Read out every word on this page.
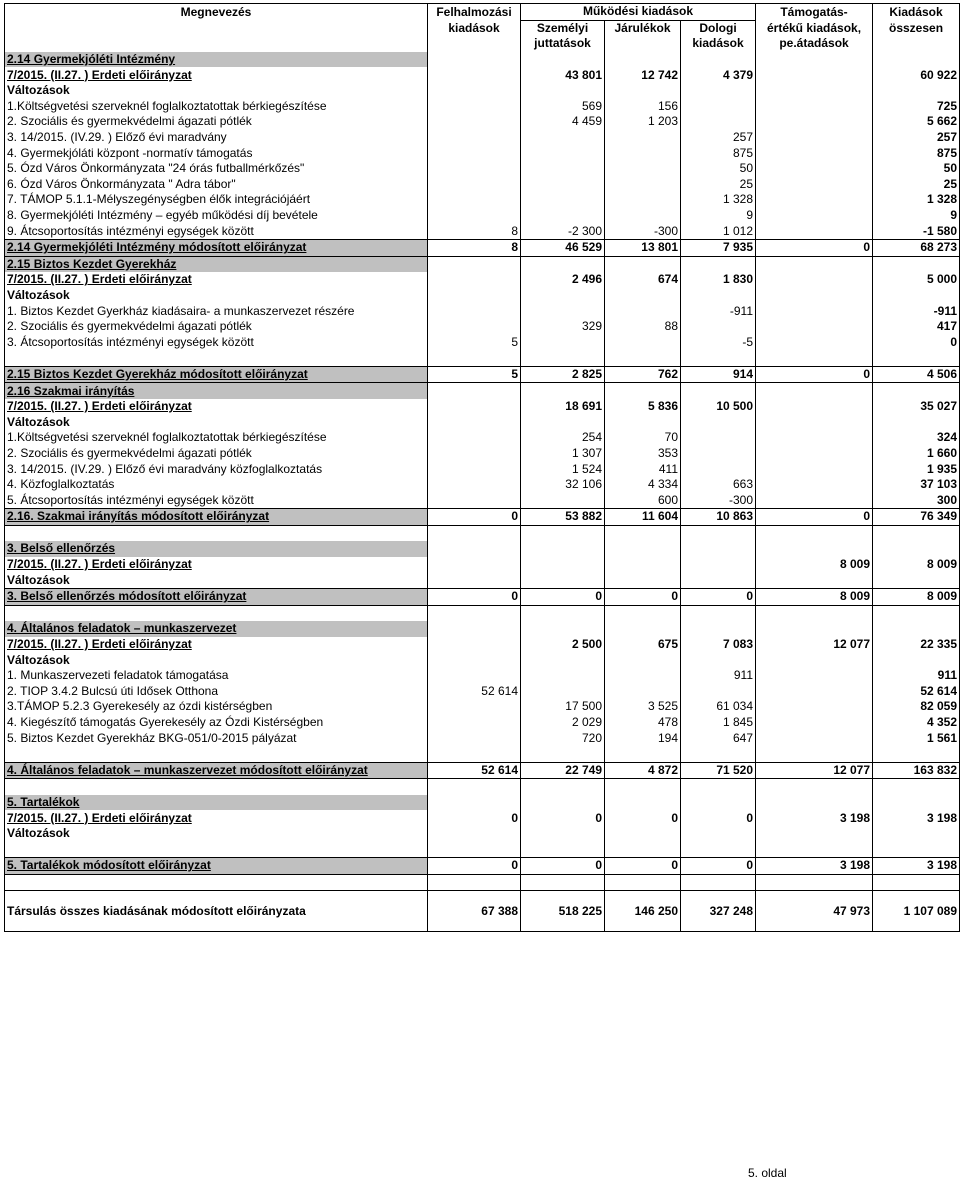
Megnevezés	Felhalmozási	Működési kiadások			Támogatás-	Kiadások
	kiadások	Személyi	Járulékok	Dologi	értékű kiadások,	összesen
		juttatások		kiadások	pe.átadások	
2.14 Gyermekjóléti Intézmény						
7/2015. (II.27. ) Erdeti előirányzat		43 801	12 742	4 379		60 922
Változások						
1.Költségvetési szerveknél foglalkoztatottak bérkiegészítése		569	156			725
2. Szociális és gyermekvédelmi ágazati pótlék		4 459	1 203			5 662
3. 14/2015. (IV.29. ) Előző évi maradvány				257		257
4. Gyermekjóláti központ -normatív támogatás				875		875
5. Ózd Város Önkormányzata "24 órás futballmérkőzés"				50		50
6. Ózd Város Önkormányzata " Adra tábor"				25		25
7. TÁMOP 5.1.1-Mélyszegénységben élők integrációjáért				1 328		1 328
8. Gyermekjóléti Intézmény – egyéb működési díj bevétele				9		9
9. Átcsoportosítás intézményi egységek között	8	-2 300	-300	1 012		-1 580
2.14 Gyermekjóléti Intézmény módosított előirányzat	8	46 529	13 801	7 935	0	68 273
2.15 Biztos Kezdet Gyerekház						
7/2015. (II.27. ) Erdeti előirányzat		2 496	674	1 830		5 000
Változások						
1. Biztos Kezdet Gyerkház kiadásaira- a munkaszervezet részére				-911		-911
2. Szociális és gyermekvédelmi ágazati pótlék		329	88			417
3. Átcsoportosítás intézményi egységek között	5			-5		0

2.15 Biztos Kezdet Gyerekház módosított előirányzat	5	2 825	762	914	0	4 506
2.16 Szakmai irányítás						
7/2015. (II.27. ) Erdeti előirányzat		18 691	5 836	10 500		35 027
Változások						
1.Költségvetési szerveknél foglalkoztatottak bérkiegészítése		254	70			324
2. Szociális és gyermekvédelmi ágazati pótlék		1 307	353			1 660
3. 14/2015. (IV.29. ) Előző évi maradvány közfoglalkoztatás		1 524	411			1 935
4. Közfoglalkoztatás		32 106	4 334	663		37 103
5. Átcsoportosítás intézményi egységek között			600	-300		300
2.16. Szakmai irányítás módosított előirányzat	0	53 882	11 604	10 863	0	76 349

3. Belső ellenőrzés						
7/2015. (II.27. ) Erdeti előirányzat					8 009	8 009
Változások						
3. Belső ellenőrzés módosított előirányzat	0	0	0	0	8 009	8 009

4. Általános feladatok – munkaszervezet						
7/2015. (II.27. ) Erdeti előirányzat		2 500	675	7 083	12 077	22 335
Változások						
1. Munkaszervezeti feladatok támogatása				911		911
2. TIOP 3.4.2 Bulcsú úti Idősek Otthona	52 614					52 614
3.TÁMOP 5.2.3 Gyerekesély az ózdi kistérségben		17 500	3 525	61 034		82 059
4. Kiegészítő támogatás Gyerekesély az Ózdi Kistérségben		2 029	478	1 845		4 352
5. Biztos Kezdet Gyerekház BKG-051/0-2015 pályázat		720	194	647		1 561

4. Általános feladatok – munkaszervezet módosított előirányzat	52 614	22 749	4 872	71 520	12 077	163 832

5. Tartalékok						
7/2015. (II.27. ) Erdeti előirányzat	0	0	0	0	3 198	3 198
Változások						

5. Tartalékok módosított előirányzat	0	0	0	0	3 198	3 198

Társulás összes kiadásának módosított előirányzata	67 388	518 225	146 250	327 248	47 973	1 107 089
5. oldal
